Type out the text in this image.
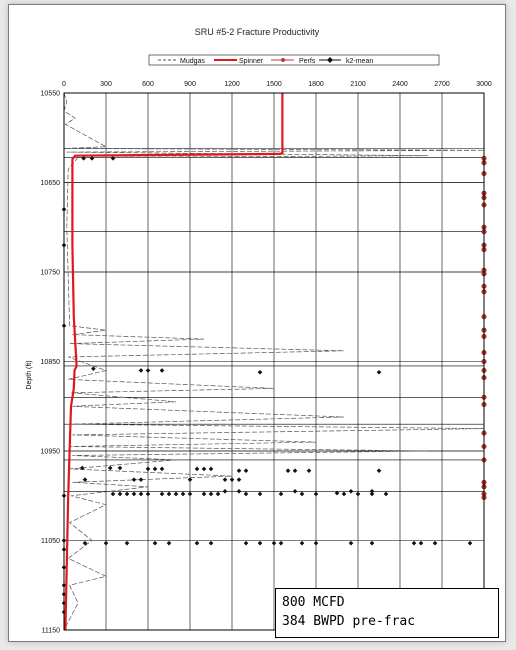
SRU #5-2 Fracture Productivity
Mudgas	Spinner	Perfs	k2-mean
Depth (ft)
0	300	600	900	1200	1500	1800	2100	2400	2700	3000
10550
10650
10750
10850
10950
11050
11150
800 MCFD
384 BWPD pre-frac
